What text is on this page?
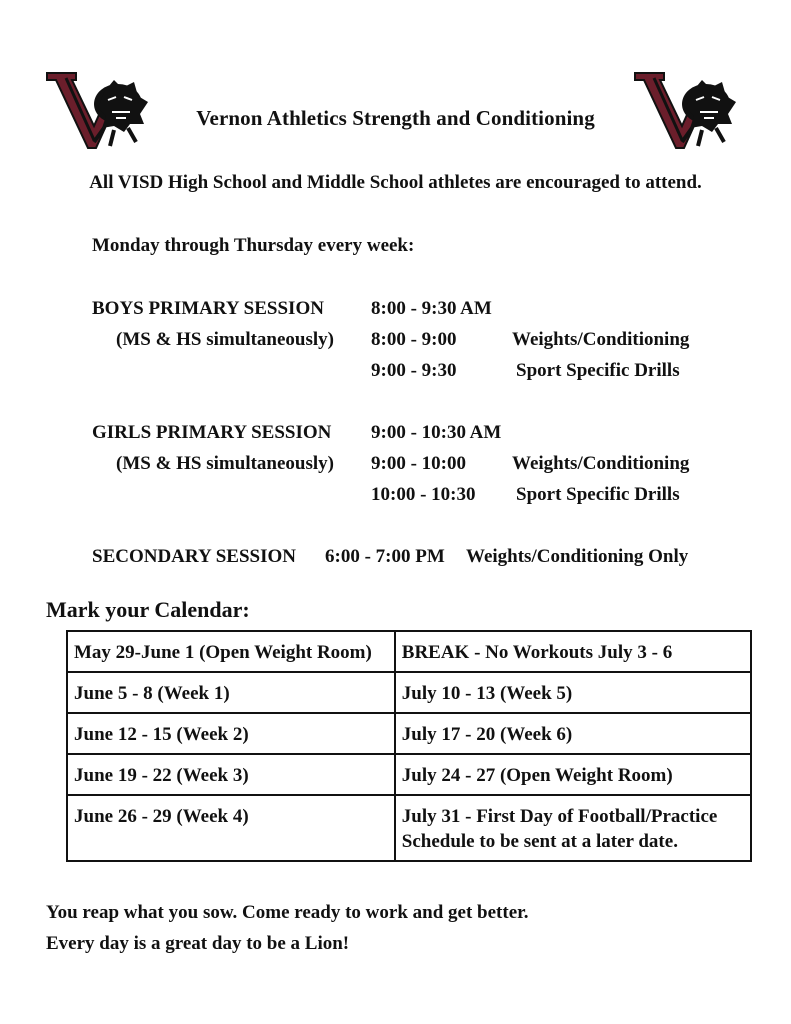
Vernon Athletics Strength and Conditioning
All VISD High School and Middle School athletes are encouraged to attend.
Monday through Thursday every week:
BOYS PRIMARY SESSION 8:00 - 9:30 AM
(MS & HS simultaneously) 8:00 - 9:00	Weights/Conditioning
9:00 - 9:30	Sport Specific Drills
GIRLS PRIMARY SESSION 9:00 - 10:30 AM
(MS & HS simultaneously) 9:00 - 10:00 Weights/Conditioning
10:00 - 10:30 Sport Specific Drills
SECONDARY SESSION 6:00 - 7:00 PM Weights/Conditioning Only
Mark your Calendar:
May 29-June 1 (Open Weight Room)	BREAK - No Workouts July 3 - 6
June 5 - 8 (Week 1)	July 10 - 13 (Week 5)
June 12 - 15 (Week 2)	July 17 - 20 (Week 6)
June 19 - 22 (Week 3)	July 24 - 27 (Open Weight Room)
June 26 - 29 (Week 4)	July 31 - First Day of Football/Practice Schedule to be sent at a later date.
You reap what you sow. Come ready to work and get better.
Every day is a great day to be a Lion!
